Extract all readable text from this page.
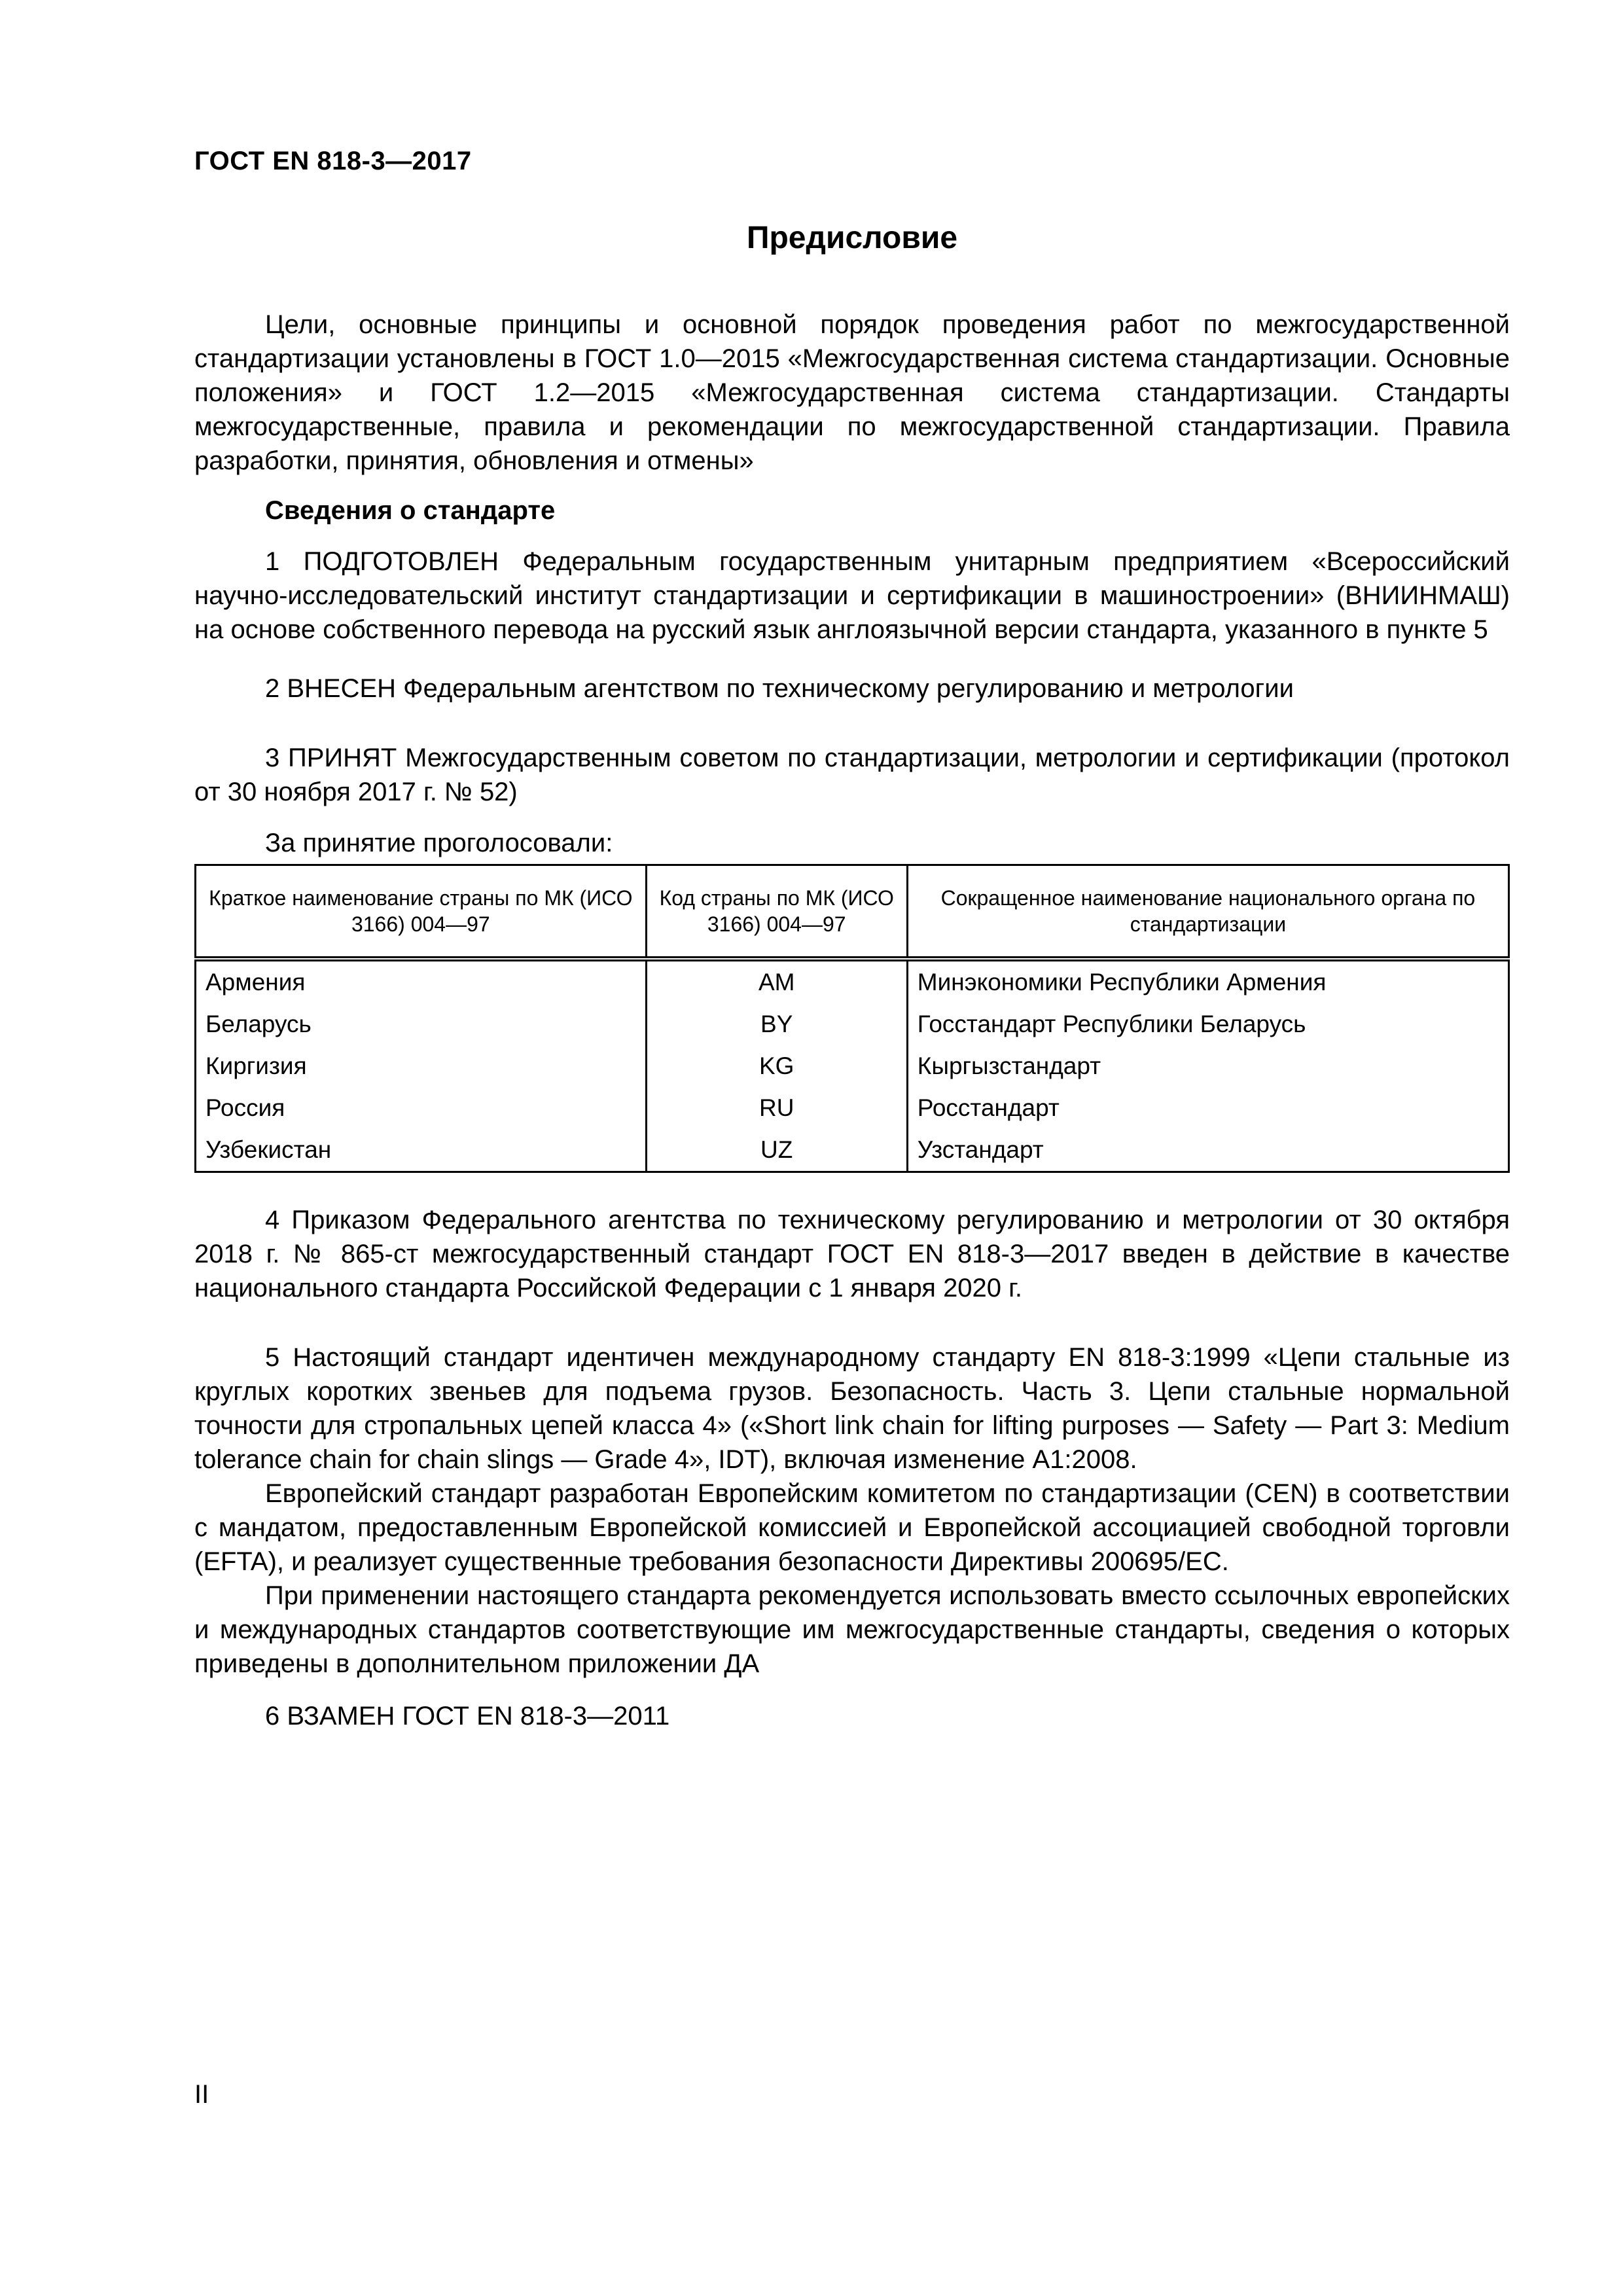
ГОСТ EN 818-3—2017
Предисловие

Цели, основные принципы и основной порядок проведения работ по межгосударственной стандартизации установлены в ГОСТ 1.0—2015 «Межгосударственная система стандартизации. Основные положения» и ГОСТ 1.2—2015 «Межгосударственная система стандартизации. Стандарты межгосударственные, правила и рекомендации по межгосударственной стандартизации. Правила разработки, принятия, обновления и отмены»

Сведения о стандарте

1 ПОДГОТОВЛЕН Федеральным государственным унитарным предприятием «Всероссийский научно-исследовательский институт стандартизации и сертификации в машиностроении» (ВНИИНМАШ) на основе собственного перевода на русский язык англоязычной версии стандарта, указанного в пункте 5

2 ВНЕСЕН Федеральным агентством по техническому регулированию и метрологии

3 ПРИНЯТ Межгосударственным советом по стандартизации, метрологии и сертификации (протокол от 30 ноября 2017 г. № 52)

За принятие проголосовали:

Краткое наименование страны по МК (ИСО 3166) 004—97	Код страны по МК (ИСО 3166) 004—97	Сокращенное наименование национального органа по стандартизации
Армения	AM	Минэкономики Республики Армения
Беларусь	BY	Госстандарт Республики Беларусь
Киргизия	KG	Кыргызстандарт
Россия	RU	Росстандарт
Узбекистан	UZ	Узстандарт

4 Приказом Федерального агентства по техническому регулированию и метрологии от 30 октября 2018 г. № 865-ст межгосударственный стандарт ГОСТ EN 818-3—2017 введен в действие в качестве национального стандарта Российской Федерации с 1 января 2020 г.

5 Настоящий стандарт идентичен международному стандарту EN 818-3:1999 «Цепи стальные из круглых коротких звеньев для подъема грузов. Безопасность. Часть 3. Цепи стальные нормальной точности для стропальных цепей класса 4» («Short link chain for lifting purposes — Safety — Part 3: Medium tolerance chain for chain slings — Grade 4», IDT), включая изменение A1:2008.

Европейский стандарт разработан Европейским комитетом по стандартизации (CEN) в соответствии с мандатом, предоставленным Европейской комиссией и Европейской ассоциацией свободной торговли (EFTA), и реализует существенные требования безопасности Директивы 200695/ЕС.

При применении настоящего стандарта рекомендуется использовать вместо ссылочных европейских и международных стандартов соответствующие им межгосударственные стандарты, сведения о которых приведены в дополнительном приложении ДА

6 ВЗАМЕН ГОСТ EN 818-3—2011

II
